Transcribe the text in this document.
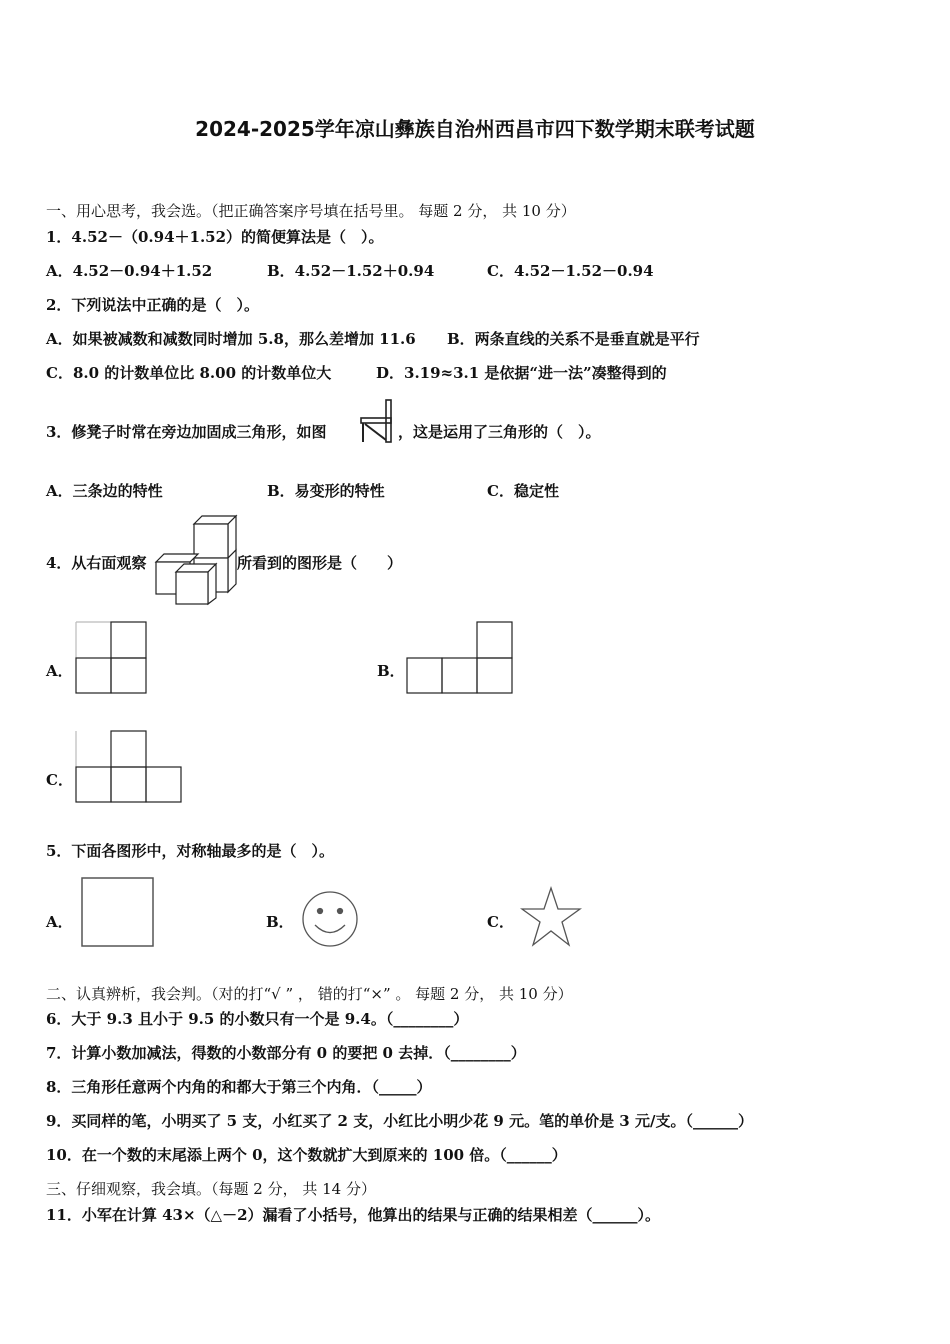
2024-2025学年凉山彝族自治州西昌市四下数学期末联考试题
一、用心思考，我会选。（把正确答案序号填在括号里。 每题 2 分， 共 10 分）
1．4.52－（0.94＋1.52）的简便算法是（　）。
A．4.52－0.94＋1.52	B．4.52－1.52＋0.94	C．4.52－1.52－0.94
2．下列说法中正确的是（　）。
A．如果被减数和减数同时增加 5.8，那么差增加 11.6 B．两条直线的关系不是垂直就是平行
C．8.0 的计数单位比 8.00 的计数单位大	D．3.19≈3.1 是依据“进一法”凑整得到的
3．修凳子时常在旁边加固成三角形，如图	，这是运用了三角形的（　）。
A．三条边的特性	B．易变形的特性	C．稳定性
4．从右面观察	所看到的图形是（　　）
A．	B．
C．
5．下面各图形中，对称轴最多的是（　）。
A．	B．	C．
二、认真辨析，我会判。（对的打“√ ” ， 错的打“×” 。 每题 2 分， 共 10 分）
6．大于 9.3 且小于 9.5 的小数只有一个是 9.4。（________）
7．计算小数加减法，得数的小数部分有 0 的要把 0 去掉．（________）
8．三角形任意两个内角的和都大于第三个内角．（_____）
9．买同样的笔，小明买了 5 支，小红买了 2 支，小红比小明少花 9 元。笔的单价是 3 元/支。（______）
10．在一个数的末尾添上两个 0，这个数就扩大到原来的 100 倍。（______）
三、仔细观察，我会填。（每题 2 分， 共 14 分）
11．小军在计算 43×（△－2）漏看了小括号，他算出的结果与正确的结果相差（______）。
